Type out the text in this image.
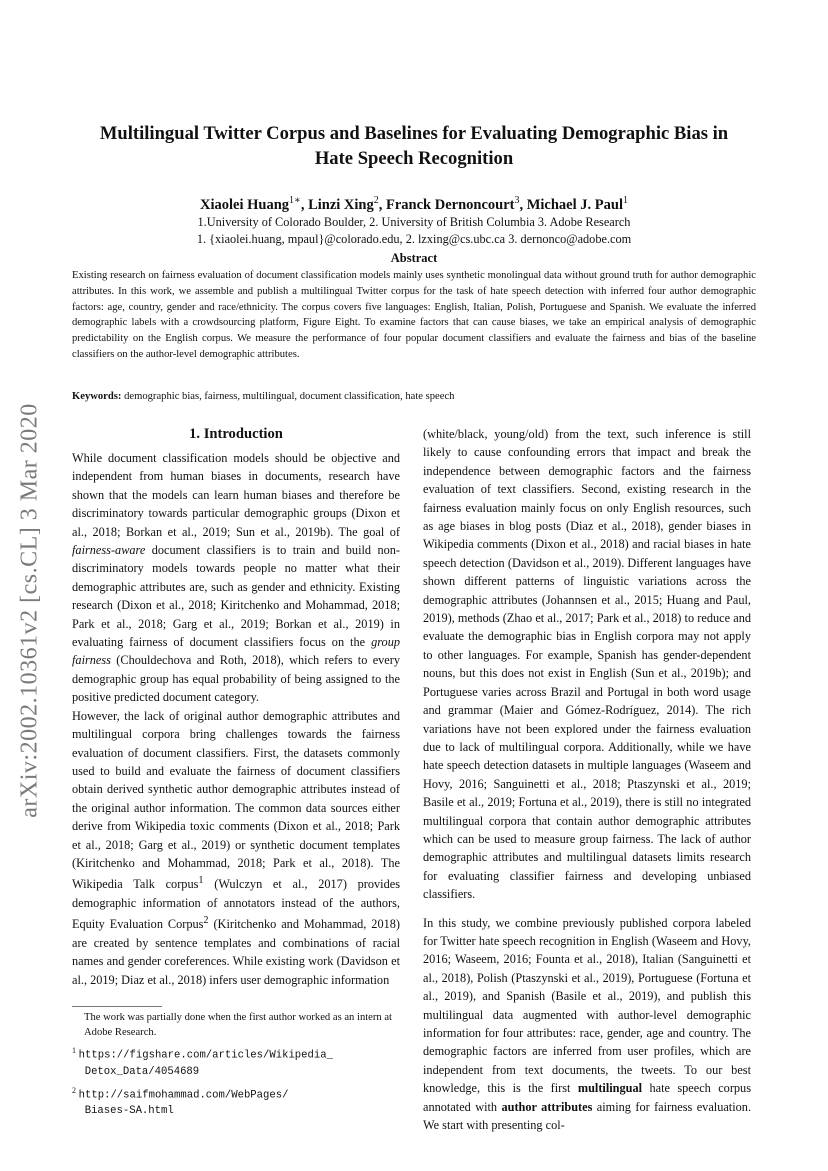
arXiv:2002.10361v2 [cs.CL] 3 Mar 2020
Multilingual Twitter Corpus and Baselines for Evaluating Demographic Bias in
Hate Speech Recognition

Xiaolei Huang$^{1∗}$, Linzi Xing$^2$, Franck Dernoncourt$^3$, Michael J. Paul$^1$

1.University of Colorado Boulder, 2. University of British Columbia 3. Adobe Research

1. {xiaolei.huang, mpaul}@colorado.edu, 2. lzxing@cs.ubc.ca 3. dernonco@adobe.com

Abstract

Existing research on fairness evaluation of document classification models mainly uses synthetic monolingual data without ground truth for author demographic attributes. In this work, we assemble and publish a multilingual Twitter corpus for the task of hate speech detection with inferred four author demographic factors: age, country, gender and race/ethnicity. The corpus covers five languages: English, Italian, Polish, Portuguese and Spanish. We evaluate the inferred demographic labels with a crowdsourcing platform, Figure Eight. To examine factors that can cause biases, we take an empirical analysis of demographic predictability on the English corpus. We measure the performance of four popular document classifiers and evaluate the fairness and bias of the baseline classifiers on the author-level demographic attributes.

Keywords: demographic bias, fairness, multilingual, document classification, hate speech

1. Introduction

While document classification models should be objective and independent from human biases in documents, research have shown that the models can learn human biases and therefore be discriminatory towards particular demographic groups (Dixon et al., 2018; Borkan et al., 2019; Sun et al., 2019b). The goal of fairness-aware document classifiers is to train and build non-discriminatory models towards people no matter what their demographic attributes are, such as gender and ethnicity. Existing research (Dixon et al., 2018; Kiritchenko and Mohammad, 2018; Park et al., 2018; Garg et al., 2019; Borkan et al., 2019) in evaluating fairness of document classifiers focus on the group fairness (Chouldechova and Roth, 2018), which refers to every demographic group has equal probability of being assigned to the positive predicted document category.

However, the lack of original author demographic attributes and multilingual corpora bring challenges towards the fairness evaluation of document classifiers. First, the datasets commonly used to build and evaluate the fairness of document classifiers obtain derived synthetic author demographic attributes instead of the original author information. The common data sources either derive from Wikipedia toxic comments (Dixon et al., 2018; Park et al., 2018; Garg et al., 2019) or synthetic document templates (Kiritchenko and Mohammad, 2018; Park et al., 2018). The Wikipedia Talk corpus$^1$ (Wulczyn et al., 2017) provides demographic information of annotators instead of the authors, Equity Evaluation Corpus$^2$ (Kiritchenko and Mohammad, 2018) are created by sentence templates and combinations of racial names and gender coreferences. While existing work (Davidson et al., 2019; Diaz et al., 2018) infers user demographic information

(white/black, young/old) from the text, such inference is still likely to cause confounding errors that impact and break the independence between demographic factors and the fairness evaluation of text classifiers. Second, existing research in the fairness evaluation mainly focus on only English resources, such as age biases in blog posts (Diaz et al., 2018), gender biases in Wikipedia comments (Dixon et al., 2018) and racial biases in hate speech detection (Davidson et al., 2019). Different languages have shown different patterns of linguistic variations across the demographic attributes (Johannsen et al., 2015; Huang and Paul, 2019), methods (Zhao et al., 2017; Park et al., 2018) to reduce and evaluate the demographic bias in English corpora may not apply to other languages. For example, Spanish has gender-dependent nouns, but this does not exist in English (Sun et al., 2019b); and Portuguese varies across Brazil and Portugal in both word usage and grammar (Maier and Gómez-Rodríguez, 2014). The rich variations have not been explored under the fairness evaluation due to lack of multilingual corpora. Additionally, while we have hate speech detection datasets in multiple languages (Waseem and Hovy, 2016; Sanguinetti et al., 2018; Ptaszynski et al., 2019; Basile et al., 2019; Fortuna et al., 2019), there is still no integrated multilingual corpora that contain author demographic attributes which can be used to measure group fairness. The lack of author demographic attributes and multilingual datasets limits research for evaluating classifier fairness and developing unbiased classifiers.

In this study, we combine previously published corpora labeled for Twitter hate speech recognition in English (Waseem and Hovy, 2016; Waseem, 2016; Founta et al., 2018), Italian (Sanguinetti et al., 2018), Polish (Ptaszynski et al., 2019), Portuguese (Fortuna et al., 2019), and Spanish (Basile et al., 2019), and publish this multilingual data augmented with author-level demographic information for four attributes: race, gender, age and country. The demographic factors are inferred from user profiles, which are independent from text documents, the tweets. To our best knowledge, this is the first multilingual hate speech corpus annotated with author attributes aiming for fairness evaluation. We start with presenting col-

The work was partially done when the first author worked as an intern at Adobe Research.

$^1$ https://figshare.com/articles/Wikipedia_
Detox_Data/4054689

$^2$ http://saifmohammad.com/WebPages/
Biases-SA.html
